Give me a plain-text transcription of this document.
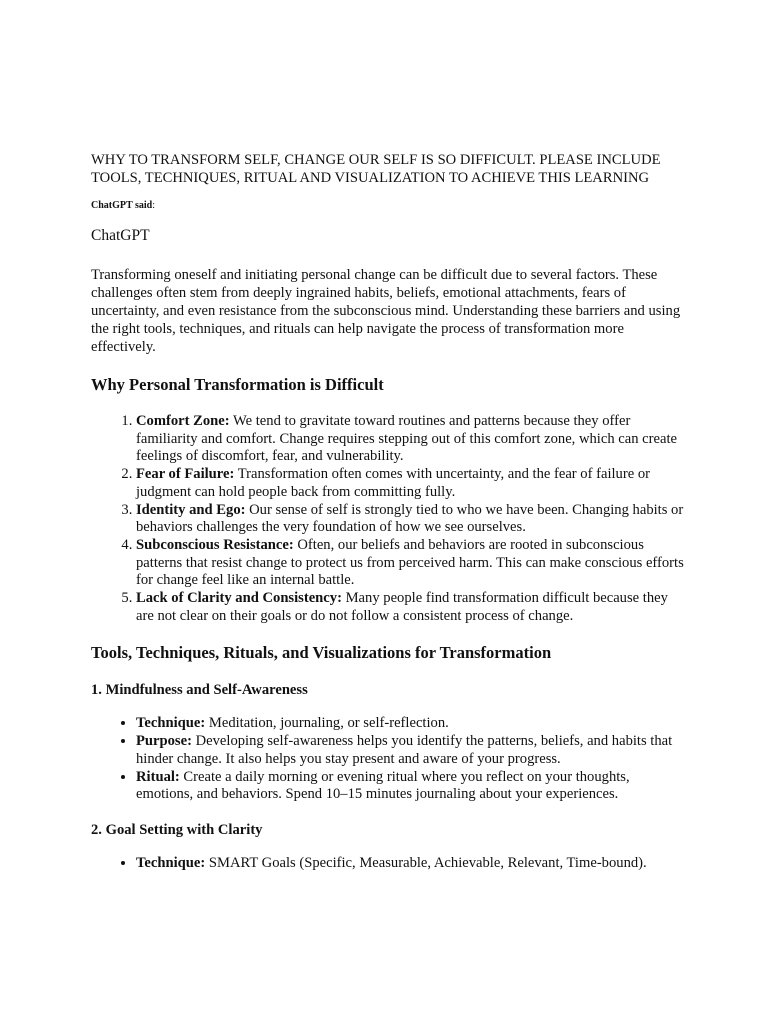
WHY TO TRANSFORM SELF, CHANGE OUR SELF IS SO DIFFICULT. PLEASE INCLUDE TOOLS, TECHNIQUES, RITUAL AND VISUALIZATION TO ACHIEVE THIS LEARNING

ChatGPT said:

ChatGPT

Transforming oneself and initiating personal change can be difficult due to several factors. These challenges often stem from deeply ingrained habits, beliefs, emotional attachments, fears of uncertainty, and even resistance from the subconscious mind. Understanding these barriers and using the right tools, techniques, and rituals can help navigate the process of transformation more effectively.

Why Personal Transformation is Difficult
1. Comfort Zone: We tend to gravitate toward routines and patterns because they offer familiarity and comfort. Change requires stepping out of this comfort zone, which can create feelings of discomfort, fear, and vulnerability.
2. Fear of Failure: Transformation often comes with uncertainty, and the fear of failure or judgment can hold people back from committing fully.
3. Identity and Ego: Our sense of self is strongly tied to who we have been. Changing habits or behaviors challenges the very foundation of how we see ourselves.
4. Subconscious Resistance: Often, our beliefs and behaviors are rooted in subconscious patterns that resist change to protect us from perceived harm. This can make conscious efforts for change feel like an internal battle.
5. Lack of Clarity and Consistency: Many people find transformation difficult because they are not clear on their goals or do not follow a consistent process of change.
Tools, Techniques, Rituals, and Visualizations for Transformation
1. Mindfulness and Self-Awareness
• Technique: Meditation, journaling, or self-reflection.
• Purpose: Developing self-awareness helps you identify the patterns, beliefs, and habits that hinder change. It also helps you stay present and aware of your progress.
• Ritual: Create a daily morning or evening ritual where you reflect on your thoughts, emotions, and behaviors. Spend 10–15 minutes journaling about your experiences.
2. Goal Setting with Clarity
• Technique: SMART Goals (Specific, Measurable, Achievable, Relevant, Time-bound).
